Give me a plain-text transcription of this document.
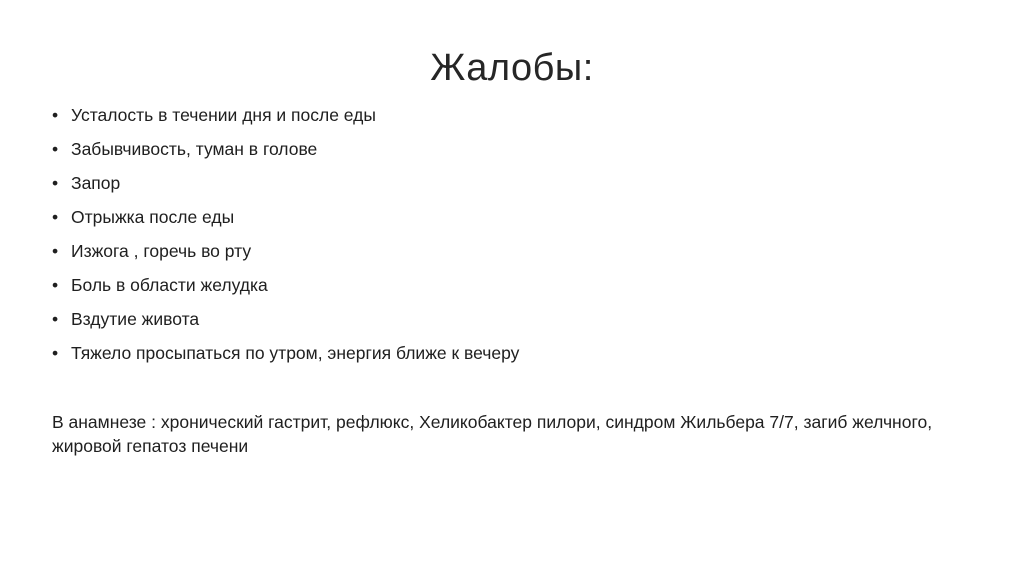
Жалобы:
• Усталость в течении дня и после еды
• Забывчивость, туман в голове
• Запор
• Отрыжка после еды
• Изжога , горечь во рту
• Боль в области желудка
• Вздутие живота
• Тяжело просыпаться по утром, энергия ближе к вечеру

В анамнезе : хронический гастрит, рефлюкс, Хеликобактер пилори, синдром Жильбера 7/7, загиб желчного, жировой гепатоз печени
